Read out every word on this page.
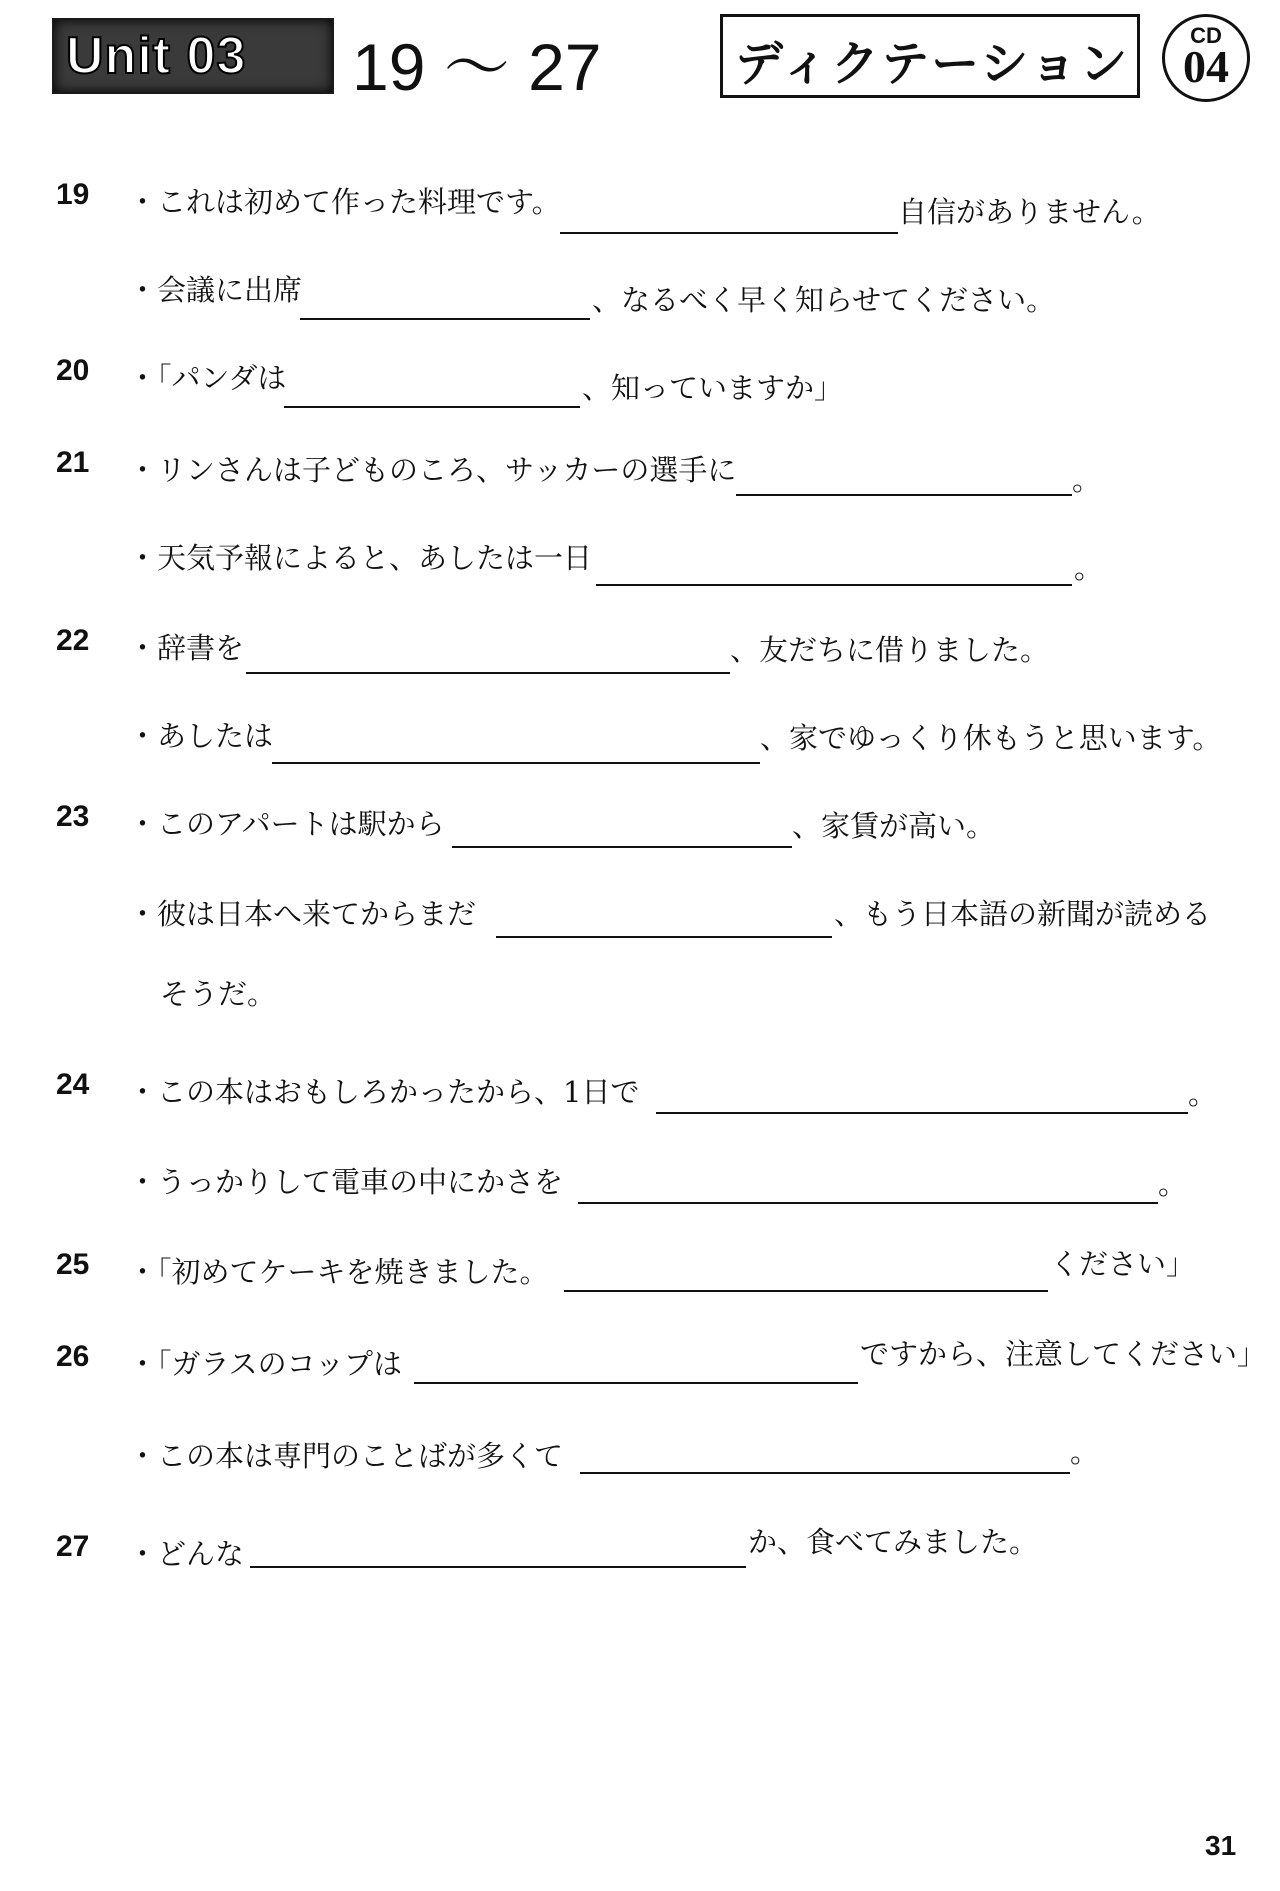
Unit 03 19 〜 27	ディクテーション
CD
04
19	・これは初めて作った料理です。	自信がありません。
・会議に出席	、なるべく早く知らせてください。
20	・「パンダは	、知っていますか」
21	・リンさんは子どものころ、サッカーの選手に	。
・天気予報によると、あしたは一日	。
22	・辞書を	、友だちに借りました。
・あしたは	、家でゆっくり休もうと思います。
23	・このアパートは駅から	、家賃が高い。
・彼は日本へ来てからまだ	、もう日本語の新聞が読める
そうだ。
24	・この本はおもしろかったから、1日で	。
・うっかりして電車の中にかさを	。
25	・「初めてケーキを焼きました。	ください」
26	・「ガラスのコップは	ですから、注意してください」
・この本は専門のことばが多くて	。
27	・どんな	か、食べてみました。
31
